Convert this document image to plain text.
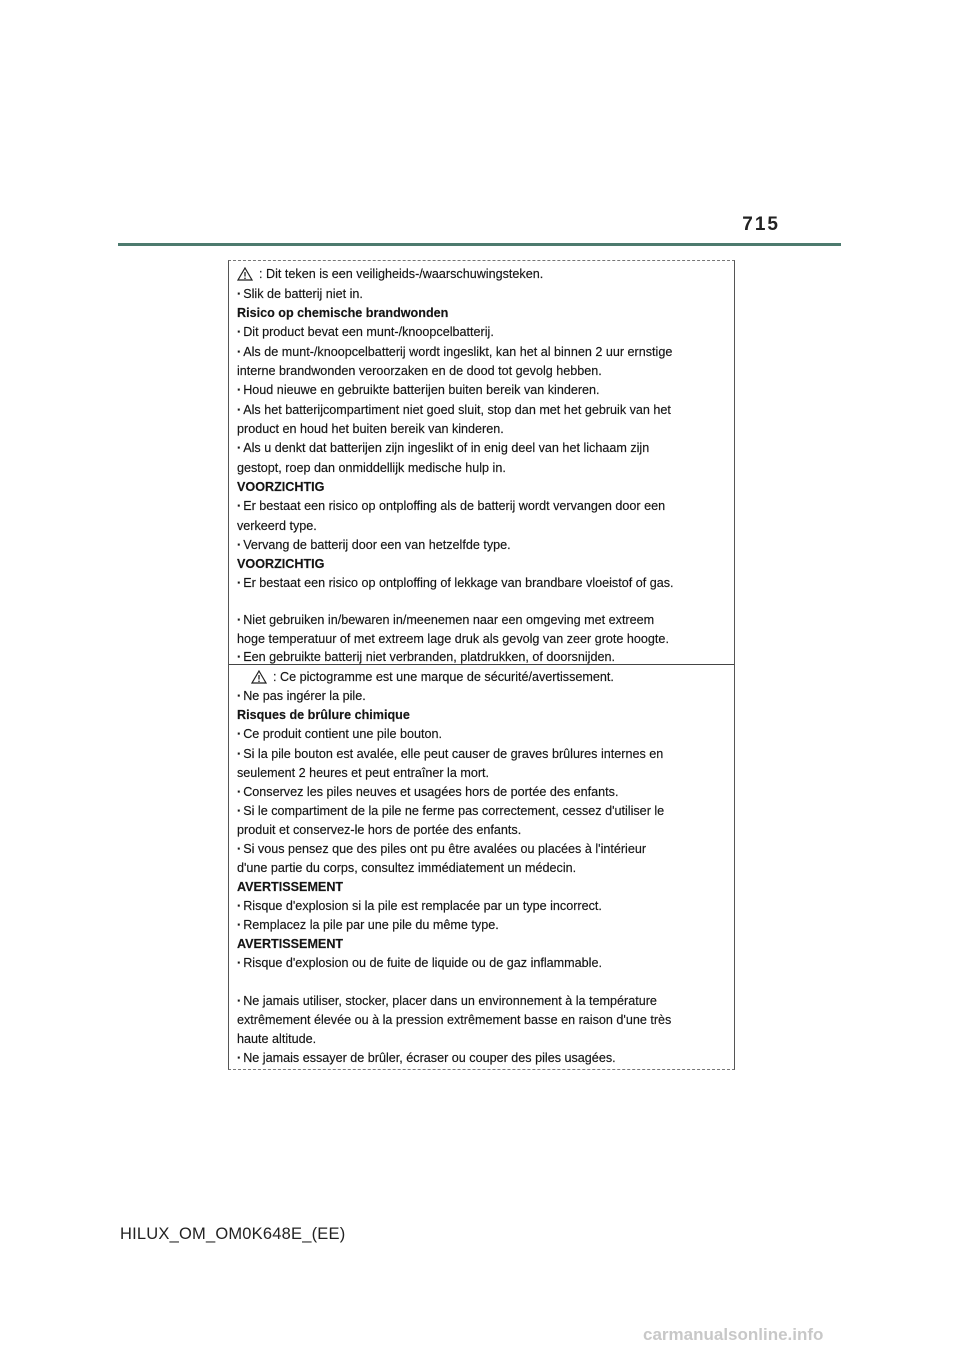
715
: Dit teken is een veiligheids-/waarschuwingsteken.
· Slik de batterij niet in.
Risico op chemische brandwonden
· Dit product bevat een munt-/knoopcelbatterij.
· Als de munt-/knoopcelbatterij wordt ingeslikt, kan het al binnen 2 uur ernstige
interne brandwonden veroorzaken en de dood tot gevolg hebben.
· Houd nieuwe en gebruikte batterijen buiten bereik van kinderen.
· Als het batterijcompartiment niet goed sluit, stop dan met het gebruik van het
product en houd het buiten bereik van kinderen.
· Als u denkt dat batterijen zijn ingeslikt of in enig deel van het lichaam zijn
gestopt, roep dan onmiddellijk medische hulp in.
VOORZICHTIG
· Er bestaat een risico op ontploffing als de batterij wordt vervangen door een
verkeerd type.
· Vervang de batterij door een van hetzelfde type.
VOORZICHTIG
· Er bestaat een risico op ontploffing of lekkage van brandbare vloeistof of gas.
· Niet gebruiken in/bewaren in/meenemen naar een omgeving met extreem
hoge temperatuur of met extreem lage druk als gevolg van zeer grote hoogte.
· Een gebruikte batterij niet verbranden, platdrukken, of doorsnijden.
: Ce pictogramme est une marque de sécurité/avertissement.
· Ne pas ingérer la pile.
Risques de brûlure chimique
· Ce produit contient une pile bouton.
· Si la pile bouton est avalée, elle peut causer de graves brûlures internes en
seulement 2 heures et peut entraîner la mort.
· Conservez les piles neuves et usagées hors de portée des enfants.
· Si le compartiment de la pile ne ferme pas correctement, cessez d'utiliser le
produit et conservez-le hors de portée des enfants.
· Si vous pensez que des piles ont pu être avalées ou placées à l'intérieur
d'une partie du corps, consultez immédiatement un médecin.
AVERTISSEMENT
· Risque d'explosion si la pile est remplacée par un type incorrect.
· Remplacez la pile par une pile du même type.
AVERTISSEMENT
· Risque d'explosion ou de fuite de liquide ou de gaz inflammable.
· Ne jamais utiliser, stocker, placer dans un environnement à la température
extrêmement élevée ou à la pression extrêmement basse en raison d'une très
haute altitude.
· Ne jamais essayer de brûler, écraser ou couper des piles usagées.
HILUX_OM_OM0K648E_(EE)
carmanualsonline.info
